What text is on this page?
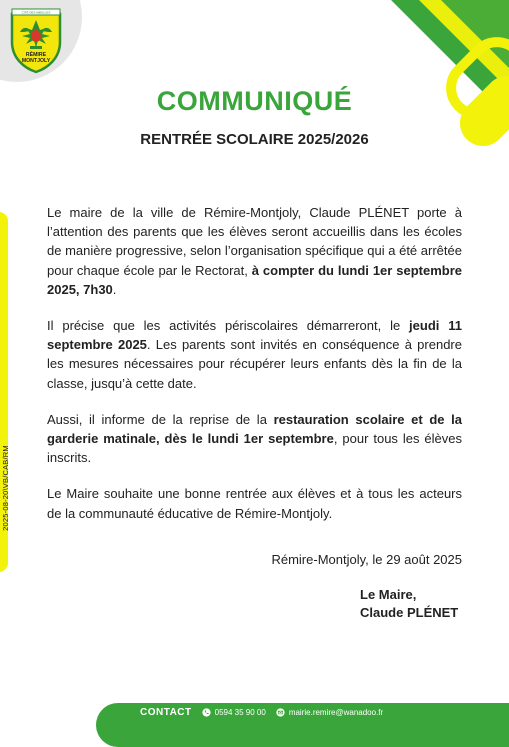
CITÉ DES ABEILLES
RÉMIRE
MONTJOLY
2025-08-20\VB/CAB/RM
COMMUNIQUÉ
RENTRÉE SCOLAIRE 2025/2026

Le maire de la ville de Rémire-Montjoly, Claude PLÉNET porte à l’attention des parents que les élèves seront accueillis dans les écoles de manière progressive, selon l’organisation spécifique qui a été arrêtée pour chaque école par le Rectorat, à compter du lundi 1er septembre 2025, 7h30.

Il précise que les activités périscolaires démarreront, le jeudi 11 septembre 2025. Les parents sont invités en conséquence à prendre les mesures nécessaires pour récupérer leurs enfants dès la fin de la classe, jusqu’à cette date.

Aussi, il informe de la reprise de la restauration scolaire et de la garderie matinale, dès le lundi 1er septembre, pour tous les élèves inscrits.

Le Maire souhaite une bonne rentrée aux élèves et à tous les acteurs de la communauté éducative de Rémire-Montjoly.

Rémire-Montjoly, le 29 août 2025
Le Maire,
Claude PLÉNET
CONTACT	0594 35 90 00	mairie.remire@wanadoo.fr
